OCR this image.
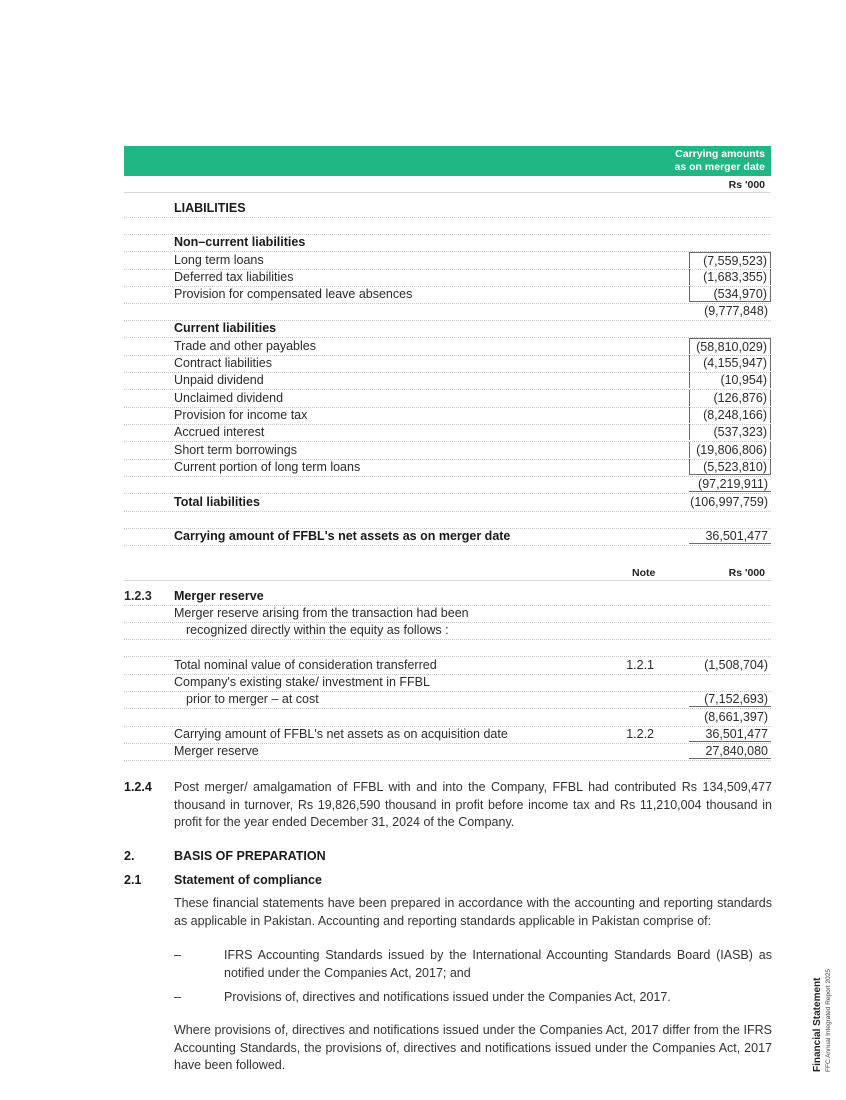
Carrying amounts
as on merger date
Rs '000
LIABILITIES
Non–current liabilities
Long term loans	(7,559,523)
Deferred tax liabilities	(1,683,355)
Provision for compensated leave absences	(534,970)
(9,777,848)
Current liabilities
Trade and other payables	(58,810,029)
Contract liabilities	(4,155,947)
Unpaid dividend	(10,954)
Unclaimed dividend	(126,876)
Provision for income tax	(8,248,166)
Accrued interest	(537,323)
Short term borrowings	(19,806,806)
Current portion of long term loans	(5,523,810)
(97,219,911)
Total liabilities	(106,997,759)
Carrying amount of FFBL's net assets as on merger date	36,501,477
Note	Rs '000
1.2.3 Merger reserve
Merger reserve arising from the transaction had been
recognized directly within the equity as follows :
Total nominal value of consideration transferred	1.2.1	(1,508,704)
Company's existing stake/ investment in FFBL
prior to merger – at cost	(7,152,693)
(8,661,397)
Carrying amount of FFBL's net assets as on acquisition date	1.2.2	36,501,477
Merger reserve	27,840,080
1.2.4 Post merger/ amalgamation of FFBL with and into the Company, FFBL had contributed Rs 134,509,477 thousand in turnover, Rs 19,826,590 thousand in profit before income tax and Rs 11,210,004 thousand in profit for the year ended December 31, 2024 of the Company.
2.	BASIS OF PREPARATION
2.1	Statement of compliance
These financial statements have been prepared in accordance with the accounting and reporting standards as applicable in Pakistan. Accounting and reporting standards applicable in Pakistan comprise of:
–	IFRS Accounting Standards issued by the International Accounting Standards Board (IASB) as notified under the Companies Act, 2017; and
–	Provisions of, directives and notifications issued under the Companies Act, 2017.
Where provisions of, directives and notifications issued under the Companies Act, 2017 differ from the IFRS Accounting Standards, the provisions of, directives and notifications issued under the Companies Act, 2017 have been followed.	Financial Statement FFC Annual Integrated Report 2025
